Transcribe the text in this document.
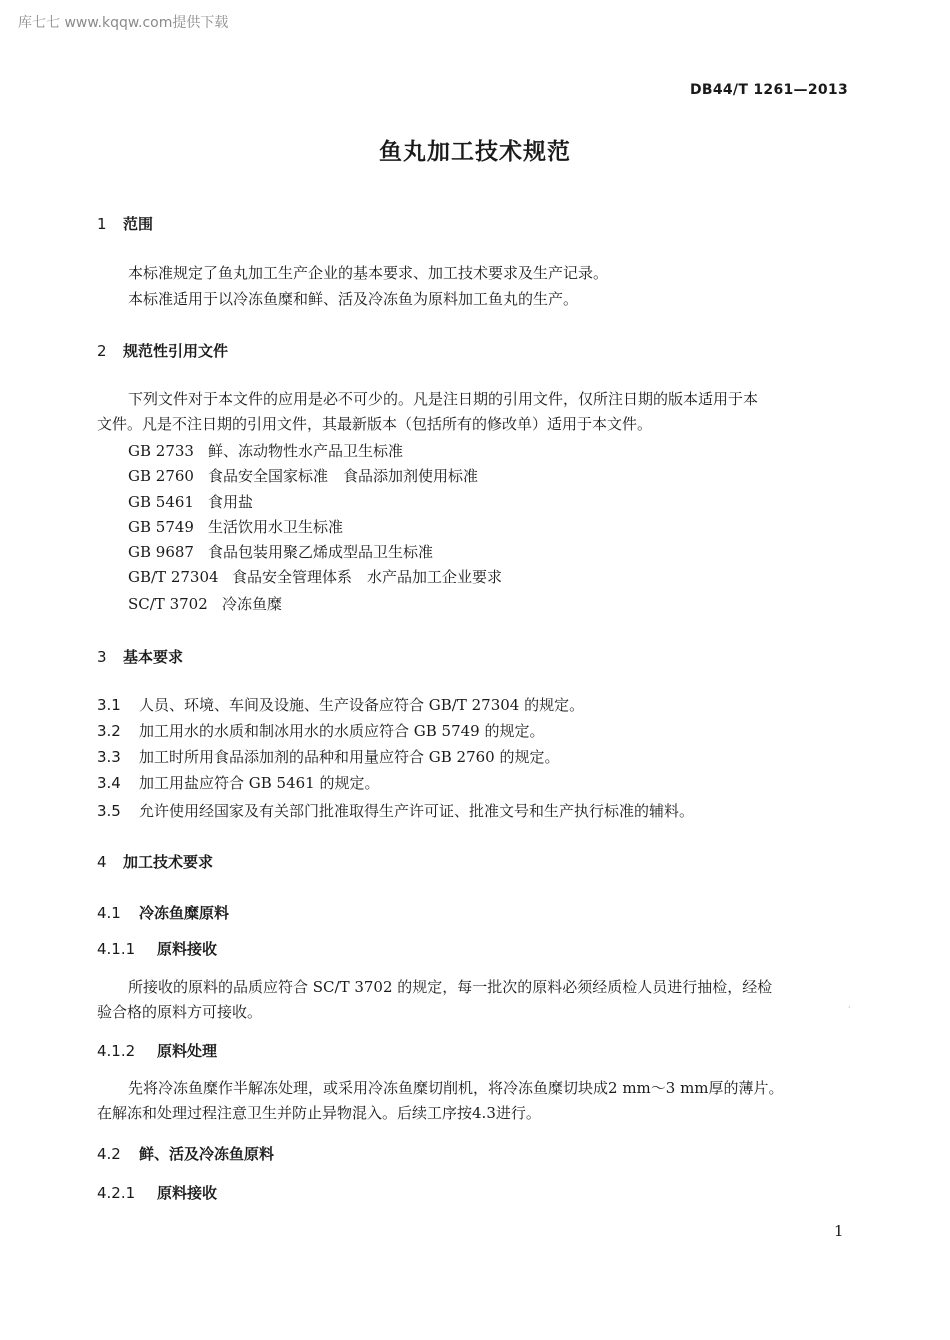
库七七 www.kqqw.com提供下载
DB44/T 1261—2013
鱼丸加工技术规范
1 范围
本标准规定了鱼丸加工生产企业的基本要求、加工技术要求及生产记录。
本标准适用于以冷冻鱼糜和鲜、活及冷冻鱼为原料加工鱼丸的生产。
2 规范性引用文件
下列文件对于本文件的应用是必不可少的。凡是注日期的引用文件，仅所注日期的版本适用于本
文件。凡是不注日期的引用文件，其最新版本（包括所有的修改单）适用于本文件。
GB 2733 鲜、冻动物性水产品卫生标准
GB 2760 食品安全国家标准　食品添加剂使用标准
GB 5461 食用盐
GB 5749 生活饮用水卫生标准
GB 9687 食品包装用聚乙烯成型品卫生标准
GB/T 27304 食品安全管理体系　水产品加工企业要求
SC/T 3702 冷冻鱼糜
3 基本要求
3.1 人员、环境、车间及设施、生产设备应符合 GB/T 27304 的规定。
3.2 加工用水的水质和制冰用水的水质应符合 GB 5749 的规定。
3.3 加工时所用食品添加剂的品种和用量应符合 GB 2760 的规定。
3.4 加工用盐应符合 GB 5461 的规定。
3.5 允许使用经国家及有关部门批准取得生产许可证、批准文号和生产执行标准的辅料。
4 加工技术要求
4.1 冷冻鱼糜原料
4.1.1 原料接收
所接收的原料的品质应符合 SC/T 3702 的规定，每一批次的原料必须经质检人员进行抽检，经检
验合格的原料方可接收。	·
4.1.2 原料处理
先将冷冻鱼糜作半解冻处理，或采用冷冻鱼糜切削机，将冷冻鱼糜切块成2 mm～3 mm厚的薄片。
在解冻和处理过程注意卫生并防止异物混入。后续工序按4.3进行。
4.2 鲜、活及冷冻鱼原料
4.2.1 原料接收
1
